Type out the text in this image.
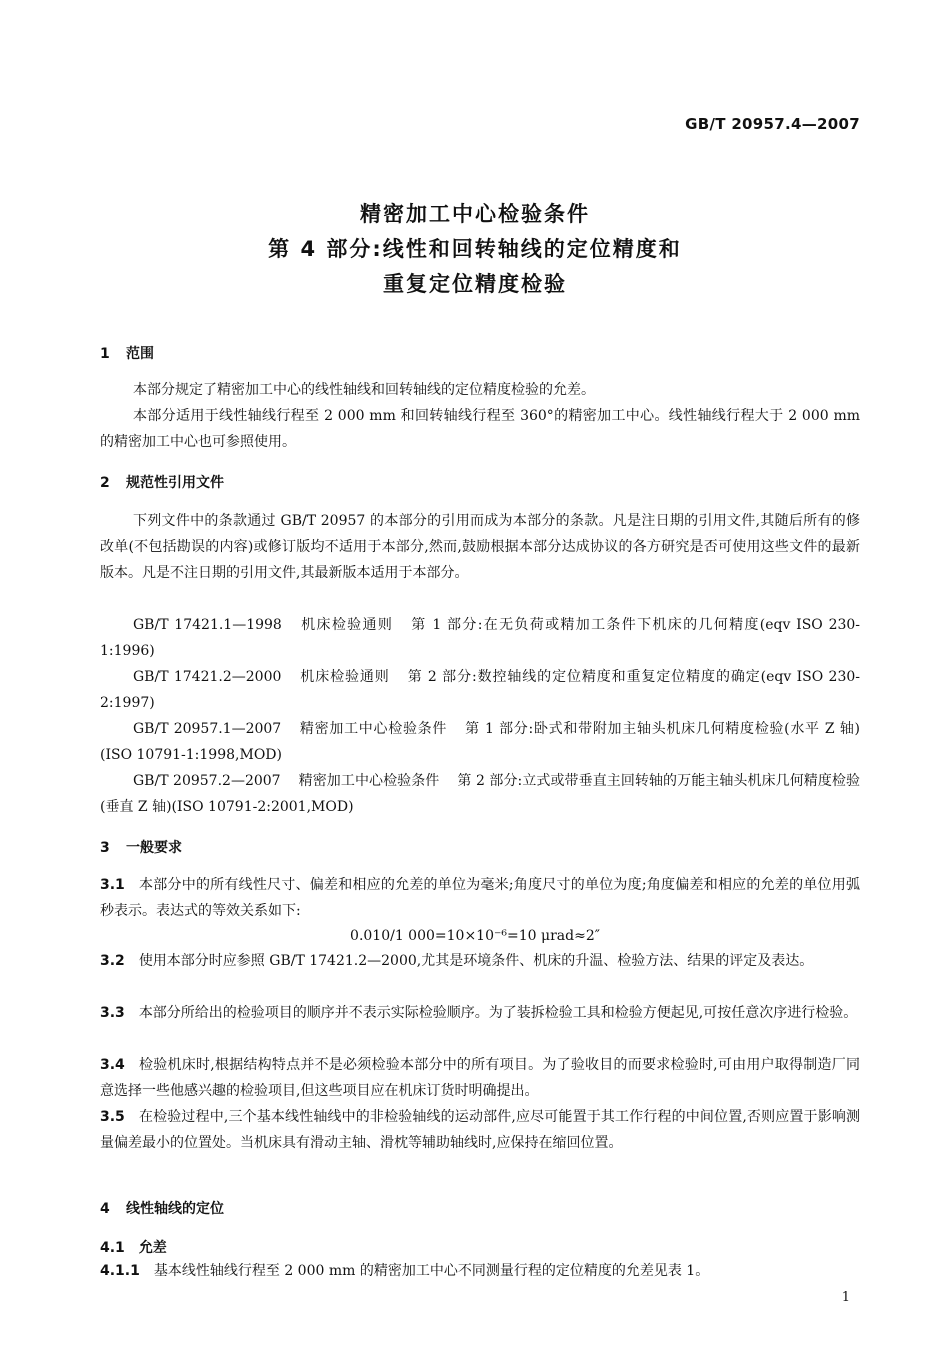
GB/T 20957.4—2007
精密加工中心检验条件
第 4 部分:线性和回转轴线的定位精度和
重复定位精度检验
1 范围
本部分规定了精密加工中心的线性轴线和回转轴线的定位精度检验的允差。
本部分适用于线性轴线行程至 2 000 mm 和回转轴线行程至 360°的精密加工中心。线性轴线行程大于 2 000 mm 的精密加工中心也可参照使用。
2 规范性引用文件
下列文件中的条款通过 GB/T 20957 的本部分的引用而成为本部分的条款。凡是注日期的引用文件,其随后所有的修改单(不包括勘误的内容)或修订版均不适用于本部分,然而,鼓励根据本部分达成协议的各方研究是否可使用这些文件的最新版本。凡是不注日期的引用文件,其最新版本适用于本部分。
GB/T 17421.1—1998 机床检验通则 第 1 部分:在无负荷或精加工条件下机床的几何精度(eqv ISO 230-1:1996)
GB/T 17421.2—2000 机床检验通则 第 2 部分:数控轴线的定位精度和重复定位精度的确定(eqv ISO 230-2:1997)
GB/T 20957.1—2007 精密加工中心检验条件 第 1 部分:卧式和带附加主轴头机床几何精度检验(水平 Z 轴)(ISO 10791-1:1998,MOD)
GB/T 20957.2—2007 精密加工中心检验条件 第 2 部分:立式或带垂直主回转轴的万能主轴头机床几何精度检验(垂直 Z 轴)(ISO 10791-2:2001,MOD)
3 一般要求
3.1 本部分中的所有线性尺寸、偏差和相应的允差的单位为毫米;角度尺寸的单位为度;角度偏差和相应的允差的单位用弧秒表示。表达式的等效关系如下:
0.010/1 000=10×10⁻⁶=10 μrad≈2″
3.2 使用本部分时应参照 GB/T 17421.2—2000,尤其是环境条件、机床的升温、检验方法、结果的评定及表达。
3.3 本部分所给出的检验项目的顺序并不表示实际检验顺序。为了装拆检验工具和检验方便起见,可按任意次序进行检验。
3.4 检验机床时,根据结构特点并不是必须检验本部分中的所有项目。为了验收目的而要求检验时,可由用户取得制造厂同意选择一些他感兴趣的检验项目,但这些项目应在机床订货时明确提出。
3.5 在检验过程中,三个基本线性轴线中的非检验轴线的运动部件,应尽可能置于其工作行程的中间位置,否则应置于影响测量偏差最小的位置处。当机床具有滑动主轴、滑枕等辅助轴线时,应保持在缩回位置。
4 线性轴线的定位
4.1 允差
4.1.1 基本线性轴线行程至 2 000 mm 的精密加工中心不同测量行程的定位精度的允差见表 1。
1
